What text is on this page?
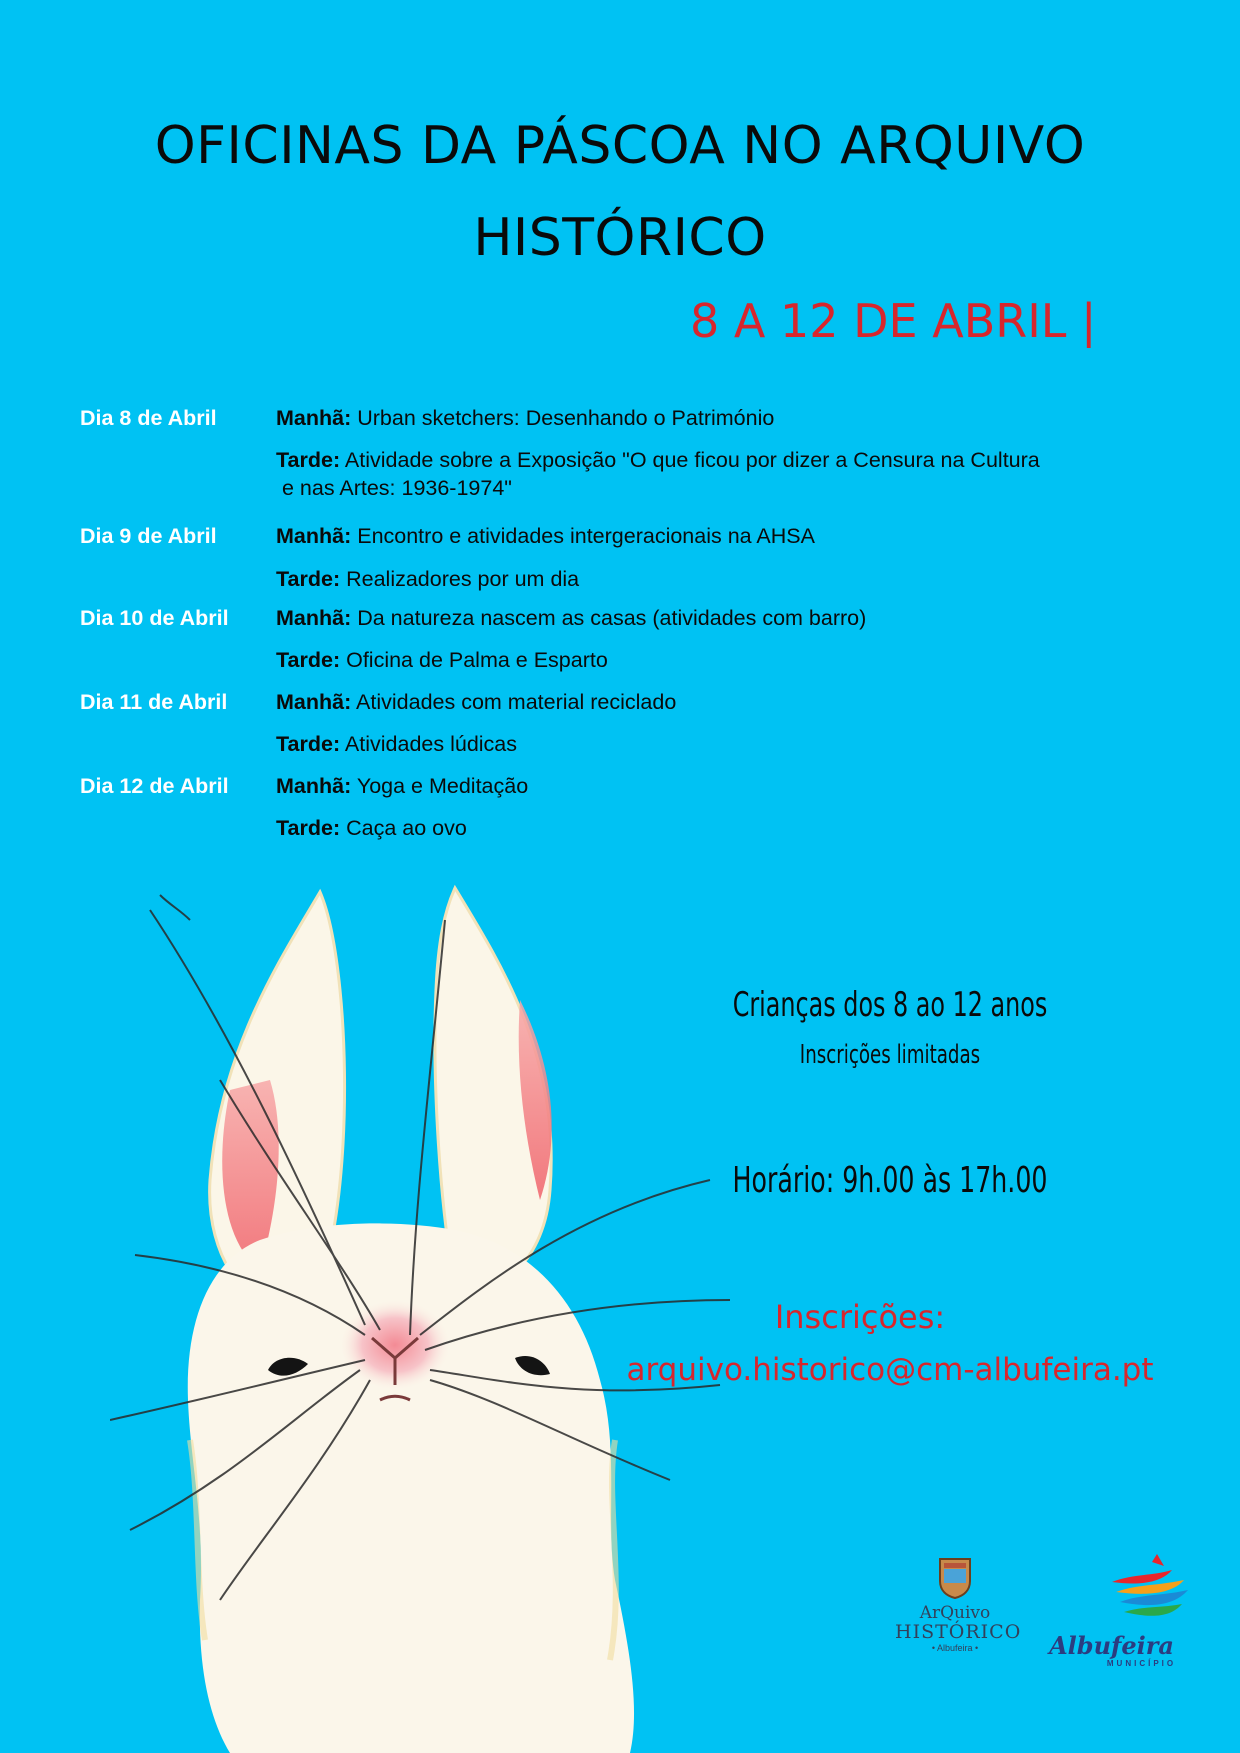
OFICINAS DA PÁSCOA NO ARQUIVO
HISTÓRICO
8 A 12 DE ABRIL |
Dia 8 de Abril	Manhã: Urban sketchers: Desenhando o Património
Tarde: Atividade sobre a Exposição "O que ficou por dizer a Censura na Cultura
e nas Artes: 1936-1974"
Dia 9 de Abril	Manhã: Encontro e atividades intergeracionais na AHSA
Tarde: Realizadores por um dia
Dia 10 de Abril	Manhã: Da natureza nascem as casas (atividades com barro)
Tarde: Oficina de Palma e Esparto
Dia 11 de Abril	Manhã: Atividades com material reciclado
Tarde: Atividades lúdicas
Dia 12 de Abril	Manhã: Yoga e Meditação
Tarde: Caça ao ovo
Crianças dos 8 ao 12 anos
Inscrições limitadas
Horário: 9h.00 às 17h.00
Inscrições:
arquivo.historico@cm-albufeira.pt
ArQuivo
HISTÓRICO
• Albufeira •	Albufeira
MUNICÍPIO
